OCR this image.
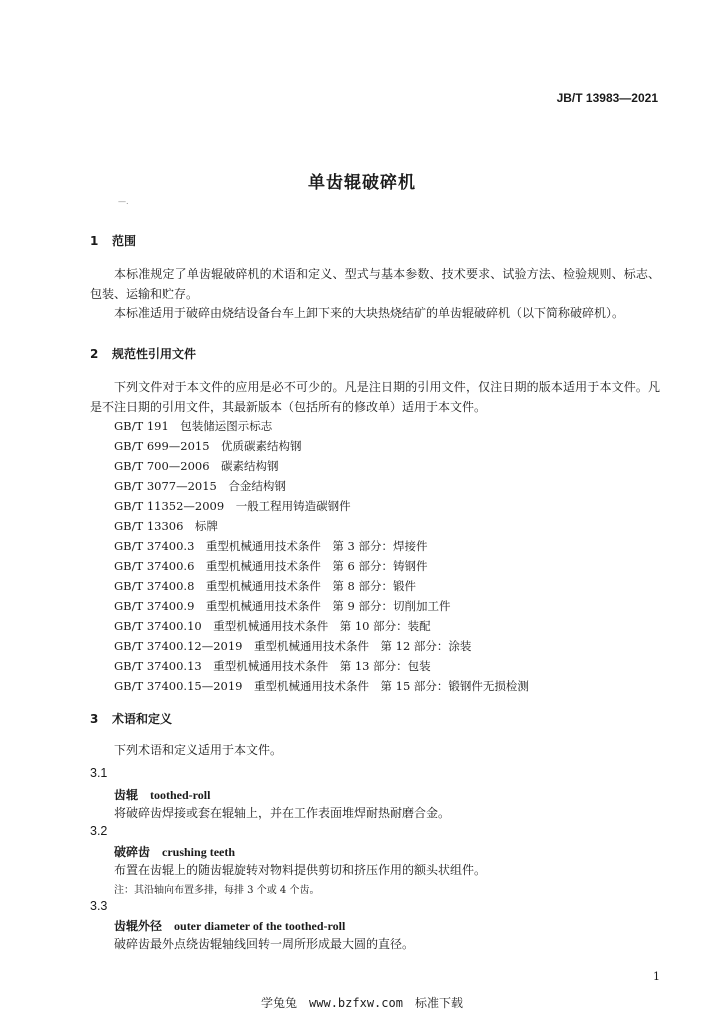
JB/T 13983—2021
单齿辊破碎机
—.
1 范围
本标准规定了单齿辊破碎机的术语和定义、型式与基本参数、技术要求、试验方法、检验规则、标志、包装、运输和贮存。
本标准适用于破碎由烧结设备台车上卸下来的大块热烧结矿的单齿辊破碎机（以下简称破碎机）。
2 规范性引用文件
下列文件对于本文件的应用是必不可少的。凡是注日期的引用文件，仅注日期的版本适用于本文件。凡是不注日期的引用文件，其最新版本（包括所有的修改单）适用于本文件。
GB/T 191　包装储运图示标志
GB/T 699—2015　优质碳素结构钢
GB/T 700—2006　碳素结构钢
GB/T 3077—2015　合金结构钢
GB/T 11352—2009　一般工程用铸造碳钢件
GB/T 13306　标牌
GB/T 37400.3　重型机械通用技术条件　第 3 部分：焊接件
GB/T 37400.6　重型机械通用技术条件　第 6 部分：铸钢件
GB/T 37400.8　重型机械通用技术条件　第 8 部分：锻件
GB/T 37400.9　重型机械通用技术条件　第 9 部分：切削加工件
GB/T 37400.10　重型机械通用技术条件　第 10 部分：装配
GB/T 37400.12—2019　重型机械通用技术条件　第 12 部分：涂装
GB/T 37400.13　重型机械通用技术条件　第 13 部分：包装
GB/T 37400.15—2019　重型机械通用技术条件　第 15 部分：锻钢件无损检测
3 术语和定义
下列术语和定义适用于本文件。
3.1
齿辊 toothed-roll
将破碎齿焊接或套在辊轴上，并在工作表面堆焊耐热耐磨合金。
3.2
破碎齿 crushing teeth
布置在齿辊上的随齿辊旋转对物料提供剪切和挤压作用的额头状组件。
注：其沿轴向布置多排，每排 3 个或 4 个齿。
3.3
齿辊外径 outer diameter of the toothed-roll
破碎齿最外点绕齿辊轴线回转一周所形成最大圆的直径。
1
学兔兔　www.bzfxw.com　标准下载
